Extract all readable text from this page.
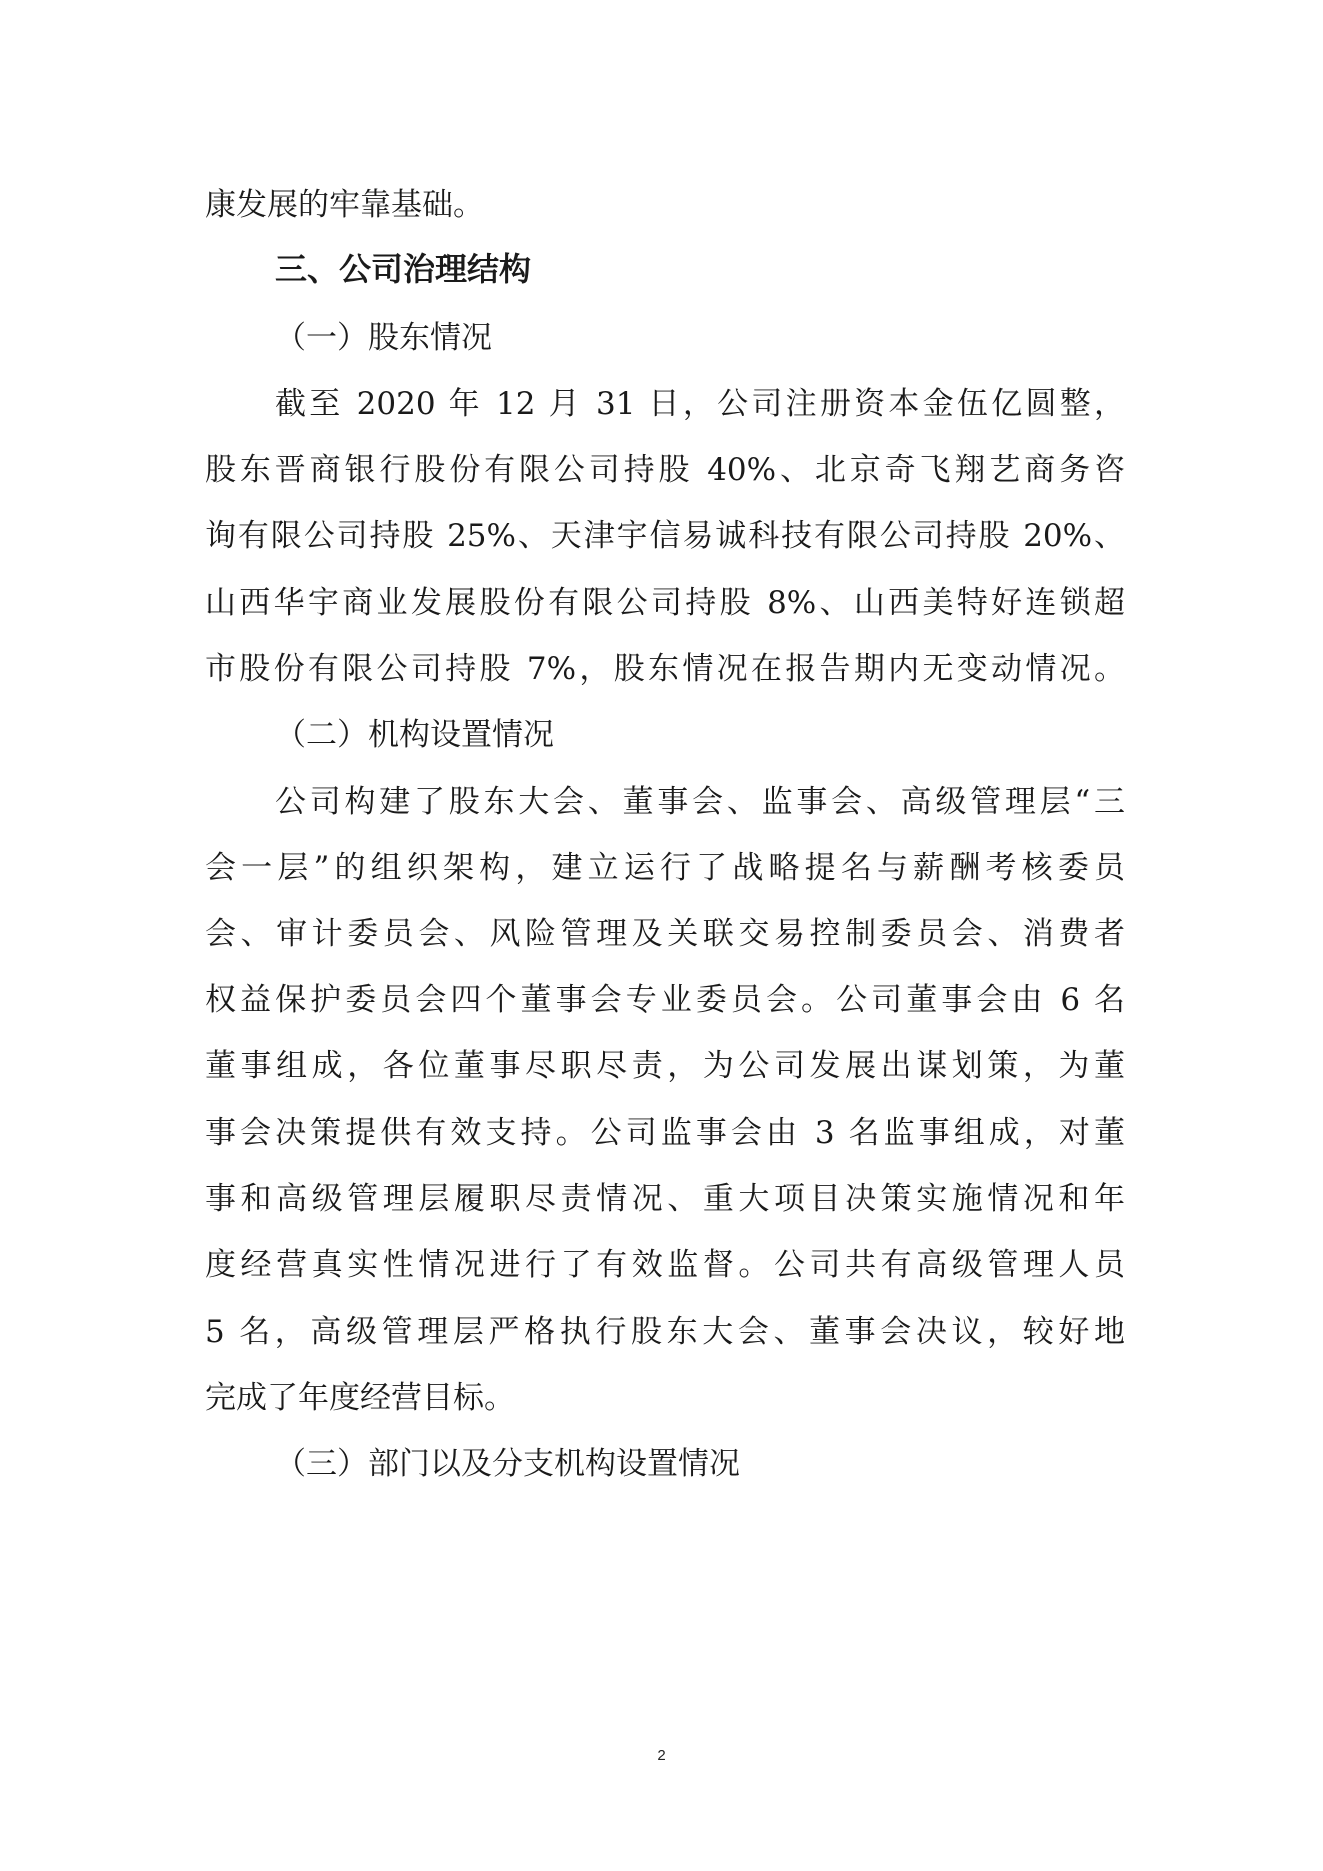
康发展的牢靠基础。
三、公司治理结构
（一）股东情况
截至 2020 年 12 月 31 日，公司注册资本金伍亿圆整，
股东晋商银行股份有限公司持股 40%、北京奇飞翔艺商务咨
询有限公司持股 25%、天津宇信易诚科技有限公司持股 20%、
山西华宇商业发展股份有限公司持股 8%、山西美特好连锁超
市股份有限公司持股 7%，股东情况在报告期内无变动情况。
（二）机构设置情况
公司构建了股东大会、董事会、监事会、高级管理层“三
会一层”的组织架构，建立运行了战略提名与薪酬考核委员
会、审计委员会、风险管理及关联交易控制委员会、消费者
权益保护委员会四个董事会专业委员会。公司董事会由 6 名
董事组成，各位董事尽职尽责，为公司发展出谋划策，为董
事会决策提供有效支持。公司监事会由 3 名监事组成，对董
事和高级管理层履职尽责情况、重大项目决策实施情况和年
度经营真实性情况进行了有效监督。公司共有高级管理人员
5 名，高级管理层严格执行股东大会、董事会决议，较好地
完成了年度经营目标。
（三）部门以及分支机构设置情况
2
